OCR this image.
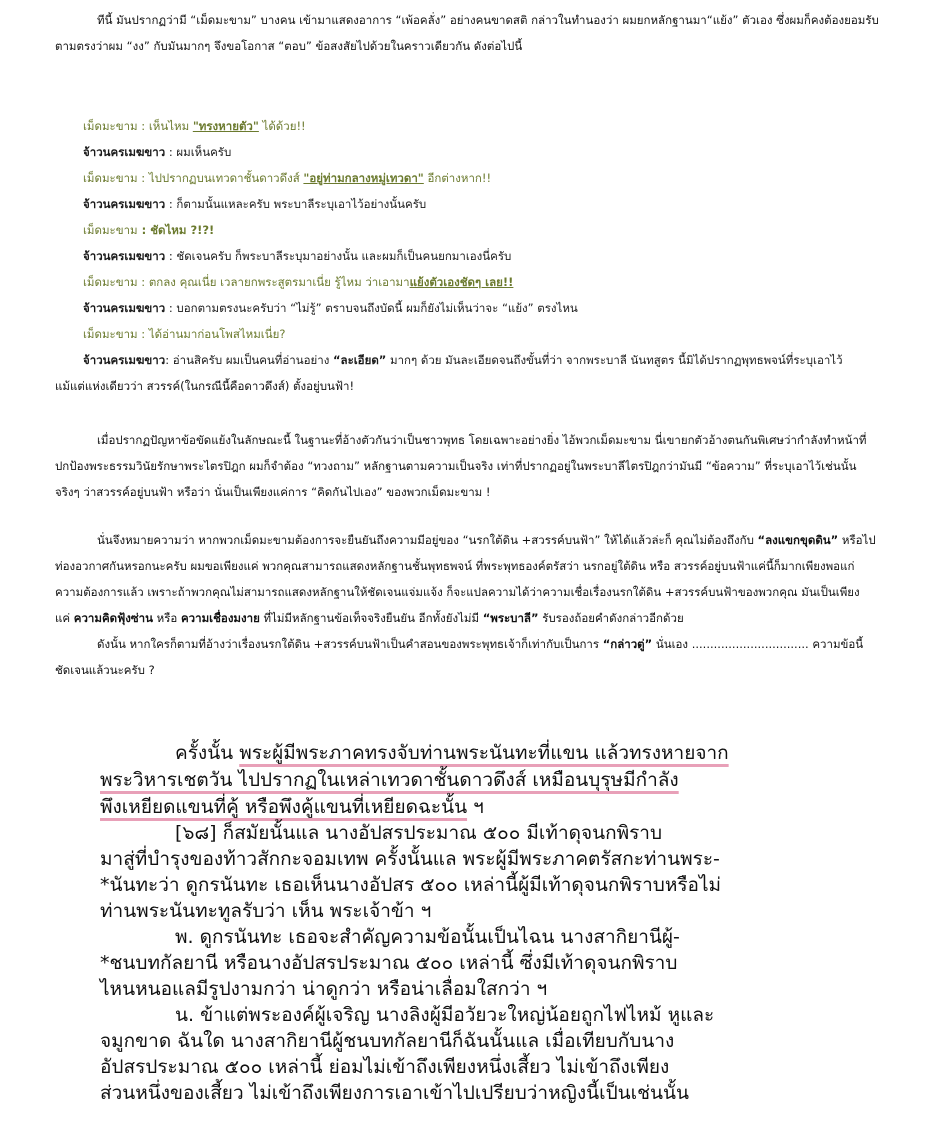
ทีนี้ มันปรากฏว่ามี “เม็ดมะขาม” บางคน เข้ามาแสดงอาการ “เพ้อคลั่ง” อย่างคนขาดสติ กล่าวในทำนองว่า ผมยกหลักฐานมา“แย้ง” ตัวเอง ซึ่งผมก็คงต้องยอมรับ
ตามตรงว่าผม “งง” กับมันมากๆ จึงขอโอกาส “ตอบ” ข้อสงสัยไปด้วยในคราวเดียวกัน ดังต่อไปนี้
เม็ดมะขาม : เห็นไหม "ทรงหายตัว" ได้ด้วย!!
จ้าวนครเมฆขาว : ผมเห็นครับ
เม็ดมะขาม : ไปปรากฏบนเทวดาชั้นดาวดึงส์ "อยู่ท่ามกลางหมู่เทวดา" อีกต่างหาก!!
จ้าวนครเมฆขาว : ก็ตามนั้นแหละครับ พระบาลีระบุเอาไว้อย่างนั้นครับ
เม็ดมะขาม : ชัดไหม ?!?!
จ้าวนครเมฆขาว : ชัดเจนครับ ก็พระบาลีระบุมาอย่างนั้น และผมก็เป็นคนยกมาเองนี่ครับ
เม็ดมะขาม : ตกลง คุณเนี่ย เวลายกพระสูตรมาเนี่ย รู้ไหม ว่าเอามาแย้งตัวเองชัดๆ เลย!!
จ้าวนครเมฆขาว : บอกตามตรงนะครับว่า “ไม่รู้” ตราบจนถึงบัดนี้ ผมก็ยังไม่เห็นว่าจะ “แย้ง” ตรงไหน
เม็ดมะขาม : ได้อ่านมาก่อนโพสไหมเนี่ย?
จ้าวนครเมฆขาว: อ่านสิครับ ผมเป็นคนที่อ่านอย่าง “ละเอียด” มากๆ ด้วย มันละเอียดจนถึงขั้นที่ว่า จากพระบาลี นันทสูตร นี้มิได้ปรากฏพุทธพจน์ที่ระบุเอาไว้
แม้แต่แห่งเดียวว่า สวรรค์(ในกรณีนี้คือดาวดึงส์) ตั้งอยู่บนฟ้า!
เมื่อปรากฏปัญหาข้อขัดแย้งในลักษณะนี้ ในฐานะที่อ้างตัวกันว่าเป็นชาวพุทธ โดยเฉพาะอย่างยิ่ง ไอ้พวกเม็ดมะขาม นี่เขายกตัวอ้างตนกันพิเศษว่ากำลังทำหน้าที่
ปกป้องพระธรรมวินัยรักษาพระไตรปิฎก ผมก็จำต้อง “ทวงถาม” หลักฐานตามความเป็นจริง เท่าที่ปรากฏอยู่ในพระบาลีไตรปิฎกว่ามันมี “ข้อความ” ที่ระบุเอาไว้เช่นนั้น
จริงๆ ว่าสวรรค์อยู่บนฟ้า หรือว่า นั่นเป็นเพียงแค่การ “คิดกันไปเอง” ของพวกเม็ดมะขาม !
นั่นจึงหมายความว่า หากพวกเม็ดมะขามต้องการจะยืนยันถึงความมีอยู่ของ “นรกใต้ดิน +สวรรค์บนฟ้า” ให้ได้แล้วล่ะก็ คุณไม่ต้องถึงกับ “ลงแขกขุดดิน” หรือไป
ท่องอวกาศกันหรอกนะครับ ผมขอเพียงแค่ พวกคุณสามารถแสดงหลักฐานชั้นพุทธพจน์ ที่พระพุทธองค์ตรัสว่า นรกอยู่ใต้ดิน หรือ สวรรค์อยู่บนฟ้าแค่นี้ก็มากเพียงพอแก่
ความต้องการแล้ว เพราะถ้าพวกคุณไม่สามารถแสดงหลักฐานให้ชัดเจนแจ่มแจ้ง ก็จะแปลความได้ว่าความเชื่อเรื่องนรกใต้ดิน +สวรรค์บนฟ้าของพวกคุณ มันเป็นเพียง
แค่ ความคิดฟุ้งซ่าน หรือ ความเชื่องมงาย ที่ไม่มีหลักฐานข้อเท็จจริงยืนยัน อีกทั้งยังไม่มี “พระบาลี” รับรองถ้อยคำดังกล่าวอีกด้วย
ดังนั้น หากใครก็ตามที่อ้างว่าเรื่องนรกใต้ดิน +สวรรค์บนฟ้าเป็นคำสอนของพระพุทธเจ้าก็เท่ากับเป็นการ “กล่าวตู่” นั่นเอง ................................ ความข้อนี้
ชัดเจนแล้วนะครับ ?
ครั้งนั้น พระผู้มีพระภาคทรงจับท่านพระนันทะที่แขน แล้วทรงหายจาก
พระวิหารเชตวัน ไปปรากฏในเหล่าเทวดาชั้นดาวดึงส์ เหมือนบุรุษมีกำลัง
พึงเหยียดแขนที่คู้ หรือพึงคู้แขนที่เหยียดฉะนั้น ฯ
[๖๘] ก็สมัยนั้นแล นางอัปสรประมาณ ๕๐๐ มีเท้าดุจนกพิราบ
มาสู่ที่บำรุงของท้าวสักกะจอมเทพ ครั้งนั้นแล พระผู้มีพระภาคตรัสกะท่านพระ-
*นันทะว่า ดูกรนันทะ เธอเห็นนางอัปสร ๕๐๐ เหล่านี้ผู้มีเท้าดุจนกพิราบหรือไม่
ท่านพระนันทะทูลรับว่า เห็น พระเจ้าข้า ฯ
พ. ดูกรนันทะ เธอจะสำคัญความข้อนั้นเป็นไฉน นางสากิยานีผู้-
*ชนบทกัลยานี หรือนางอัปสรประมาณ ๕๐๐ เหล่านี้ ซึ่งมีเท้าดุจนกพิราบ
ไหนหนอแลมีรูปงามกว่า น่าดูกว่า หรือน่าเลื่อมใสกว่า ฯ
น. ข้าแต่พระองค์ผู้เจริญ นางลิงผู้มีอวัยวะใหญ่น้อยถูกไฟไหม้ หูและ
จมูกขาด ฉันใด นางสากิยานีผู้ชนบทกัลยานีก็ฉันนั้นแล เมื่อเทียบกับนาง
อัปสรประมาณ ๕๐๐ เหล่านี้ ย่อมไม่เข้าถึงเพียงหนึ่งเสี้ยว ไม่เข้าถึงเพียง
ส่วนหนึ่งของเสี้ยว ไม่เข้าถึงเพียงการเอาเข้าไปเปรียบว่าหญิงนี้เป็นเช่นนั้น
